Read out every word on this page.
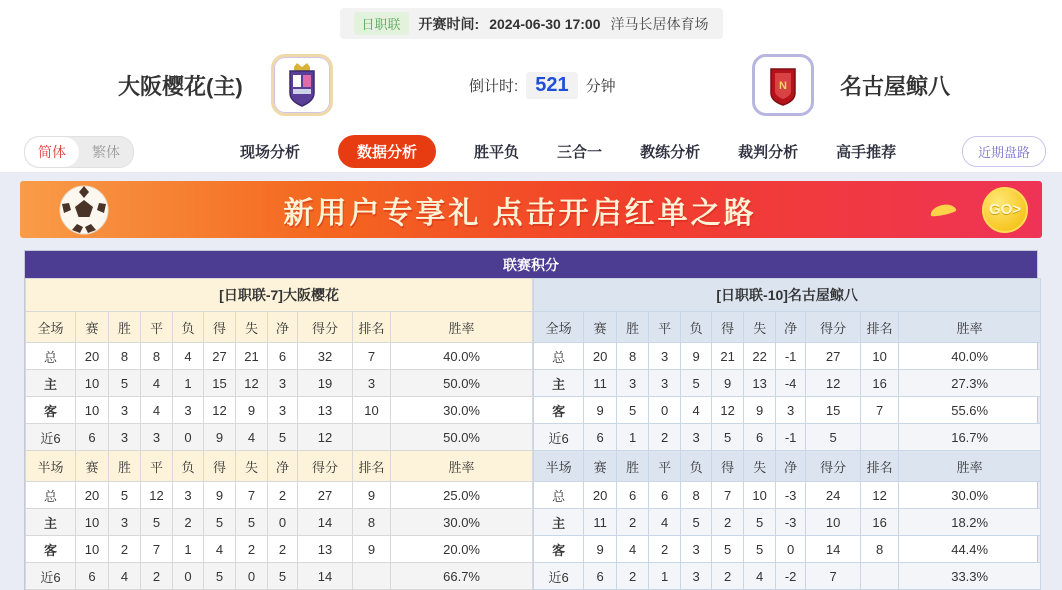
日职联	开赛时间: 2024-06-30 17:00 洋马长居体育场
大阪樱花(主)	倒计时: 521	分钟	N 名古屋鲸八
简体	繁体	现场分析	数据分析	胜平负	三合一	教练分析	裁判分析	高手推荐	近期盘路
新用户专享礼 点击开启红单之路	GO>
联赛积分
[日职联-7]大阪樱花										
全场	赛	胜	平	负	得	失	净	得分	排名	胜率
总	20	8	8	4	27	21	6	32	7	40.0%
主	10	5	4	1	15	12	3	19	3	50.0%
客	10	3	4	3	12	9	3	13	10	30.0%
近6	6	3	3	0	9	4	5	12		50.0%
半场	赛	胜	平	负	得	失	净	得分	排名	胜率
总	20	5	12	3	9	7	2	27	9	25.0%
主	10	3	5	2	5	5	0	14	8	30.0%
客	10	2	7	1	4	2	2	13	9	20.0%
近6	6	4	2	0	5	0	5	14		66.7%
[日职联-10]名古屋鲸八										
全场	赛	胜	平	负	得	失	净	得分	排名	胜率
总	20	8	3	9	21	22	-1	27	10	40.0%
主	11	3	3	5	9	13	-4	12	16	27.3%
客	9	5	0	4	12	9	3	15	7	55.6%
近6	6	1	2	3	5	6	-1	5		16.7%
半场	赛	胜	平	负	得	失	净	得分	排名	胜率
总	20	6	6	8	7	10	-3	24	12	30.0%
主	11	2	4	5	2	5	-3	10	16	18.2%
客	9	4	2	3	5	5	0	14	8	44.4%
近6	6	2	1	3	2	4	-2	7		33.3%
